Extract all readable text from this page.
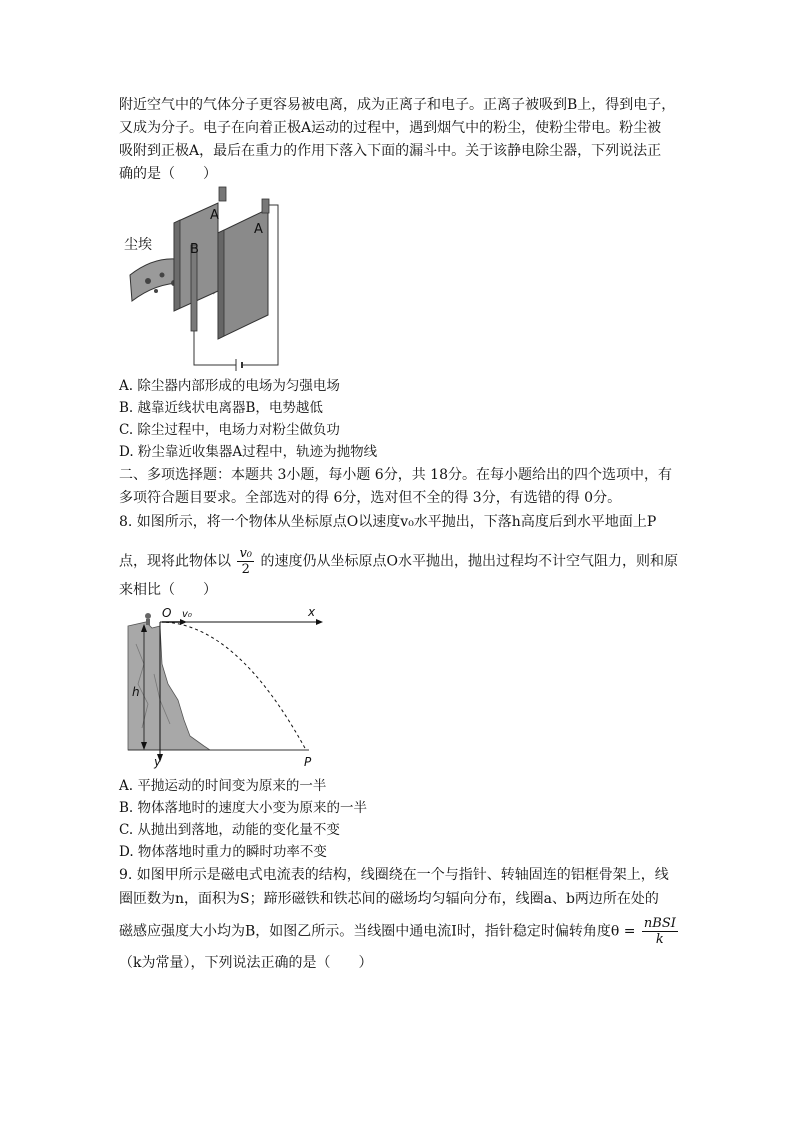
附近空气中的气体分子更容易被电离，成为正离子和电子。正离子被吸到B上，得到电子，
又成为分子。电子在向着正极A运动的过程中，遇到烟气中的粉尘，使粉尘带电。粉尘被
吸附到正极A，最后在重力的作用下落入下面的漏斗中。关于该静电除尘器，下列说法正
确的是（　　）
尘埃
A
A
B
A. 除尘器内部形成的电场为匀强电场
B. 越靠近线状电离器B，电势越低
C. 除尘过程中，电场力对粉尘做负功
D. 粉尘靠近收集器A过程中，轨迹为抛物线
二、多项选择题：本题共 3小题，每小题 6分，共 18分。在每小题给出的四个选项中，有
多项符合题目要求。全部选对的得 6分，选对但不全的得 3分，有选错的得 0分。
8. 如图所示，将一个物体从坐标原点O以速度v₀水平抛出，下落h高度后到水平地面上P
点，现将此物体以 $\frac{\text{v₀}}{2}$ 的速度仍从坐标原点O水平抛出，抛出过程均不计空气阻力，则和原
来相比（　　）
O v₀	x
y
h
P
A. 平抛运动的时间变为原来的一半
B. 物体落地时的速度大小变为原来的一半
C. 从抛出到落地，动能的变化量不变
D. 物体落地时重力的瞬时功率不变
9. 如图甲所示是磁电式电流表的结构，线圈绕在一个与指针、转轴固连的铝框骨架上，线
圈匝数为n，面积为S；蹄形磁铁和铁芯间的磁场均匀辐向分布，线圈a、b两边所在处的
磁感应强度大小均为B，如图乙所示。当线圈中通电流I时，指针稳定时偏转角度θ = nBSI
k
（k为常量），下列说法正确的是（　　）
